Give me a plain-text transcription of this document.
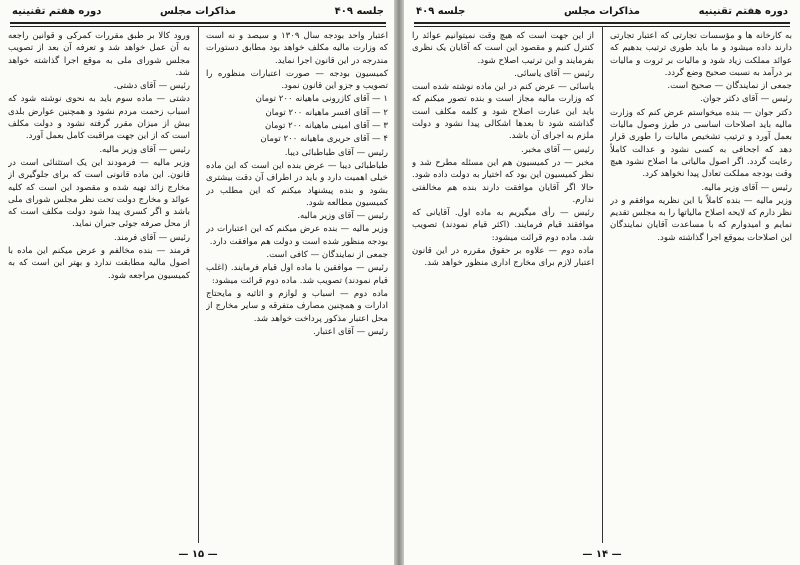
جلسه ۴۰۹
مذاکرات مجلس
دوره هفتم تقنینیه

اعتبار واحد بودجه سال ۱۳۰۹ و سیصد و نه است که وزارت مالیه مکلف خواهد بود مطابق دستورات مندرجه در این قانون اجرا نماید.

کمیسیون بودجه — صورت اعتبارات منظوره را تصویب و جزو این قانون نمود.

۱ — آقای کازرونی ماهیانه ۲۰۰ تومان

۲ — آقای افسر ماهیانه ۲۰۰ تومان

۳ — آقای امینی ماهیانه ۲۰۰ تومان

۴ — آقای حریری ماهیانه ۲۰۰ تومان

رئیس — آقای طباطبائی دیبا.

طباطبائی دیبا — عرض بنده این است که این ماده خیلی اهمیت دارد و باید در اطراف آن دقت بیشتری بشود و بنده پیشنهاد میکنم که این مطلب در کمیسیون مطالعه شود.

رئیس — آقای وزیر مالیه.

وزیر مالیه — بنده عرض میکنم که این اعتبارات در بودجه منظور شده است و دولت هم موافقت دارد.

جمعی از نمایندگان — کافی است.

رئیس — موافقین با ماده اول قیام فرمایند. (اغلب قیام نمودند) تصویب شد. ماده دوم قرائت میشود:

ماده دوم — اسباب و لوازم و اثاثیه و مایحتاج ادارات و همچنین مصارف متفرقه و سایر مخارج از محل اعتبار مذکور پرداخت خواهد شد.

رئیس — آقای اعتبار.

ورود کالا بر طبق مقررات کمرکی و قوانین راجعه به آن عمل خواهد شد و تعرفه آن بعد از تصویب مجلس شورای ملی به موقع اجرا گذاشته خواهد شد.

رئیس — آقای دشتی.

دشتی — ماده سوم باید به نحوی نوشته شود که اسباب زحمت مردم نشود و همچنین عوارض بلدی بیش از میزان مقرر گرفته نشود و دولت مکلف است که از این جهت مراقبت کامل بعمل آورد.

رئیس — آقای وزیر مالیه.

وزیر مالیه — فرمودند این یک استثنائی است در قانون. این ماده قانونی است که برای جلوگیری از مخارج زائد تهیه شده و مقصود این است که کلیه عوائد و مخارج دولت تحت نظر مجلس شورای ملی باشد و اگر کسری پیدا شود دولت مکلف است که از محل صرفه جوئی جبران نماید.

رئیس — آقای فرمند.

فرمند — بنده مخالفم و عرض میکنم این ماده با اصول مالیه مطابقت ندارد و بهتر این است که به کمیسیون مراجعه شود.

— ۱۵ —
دوره هفتم تقنینیه
مذاکرات مجلس
جلسه ۴۰۹

به کارخانه ها و مؤسسات تجارتی که اعتبار تجارتی دارند داده میشود و ما باید طوری ترتیب بدهیم که عوائد مملکت زیاد شود و مالیات بر ثروت و مالیات بر درآمد به نسبت صحیح وضع گردد.

جمعی از نمایندگان — صحیح است.

رئیس — آقای دکتر جوان.

دکتر جوان — بنده میخواستم عرض کنم که وزارت مالیه باید اصلاحات اساسی در طرز وصول مالیات بعمل آورد و ترتیب تشخیص مالیات را طوری قرار دهد که اجحافی به کسی نشود و عدالت کاملاً رعایت گردد. اگر اصول مالیاتی ما اصلاح نشود هیچ وقت بودجه مملکت تعادل پیدا نخواهد کرد.

رئیس — آقای وزیر مالیه.

وزیر مالیه — بنده کاملاً با این نظریه موافقم و در نظر دارم که لایحه اصلاح مالیاتها را به مجلس تقدیم نمایم و امیدوارم که با مساعدت آقایان نمایندگان این اصلاحات بموقع اجرا گذاشته شود.

از این جهت است که هیچ وقت نمیتوانیم عوائد را کنترل کنیم و مقصود این است که آقایان یک نظری بفرمایند و این ترتیب اصلاح شود.

رئیس — آقای یاسائی.

یاسائی — عرض کنم در این ماده نوشته شده است که وزارت مالیه مجاز است و بنده تصور میکنم که باید این عبارت اصلاح شود و کلمه مکلف است گذاشته شود تا بعدها اشکالی پیدا نشود و دولت ملزم به اجرای آن باشد.

رئیس — آقای مخبر.

مخبر — در کمیسیون هم این مسئله مطرح شد و نظر کمیسیون این بود که اختیار به دولت داده شود. حالا اگر آقایان موافقت دارند بنده هم مخالفتی ندارم.

رئیس — رأی میگیریم به ماده اول. آقایانی که موافقند قیام فرمایند. (اکثر قیام نمودند) تصویب شد. ماده دوم قرائت میشود:

ماده دوم — علاوه بر حقوق مقرره در این قانون اعتبار لازم برای مخارج اداری منظور خواهد شد.

— ۱۴ —
